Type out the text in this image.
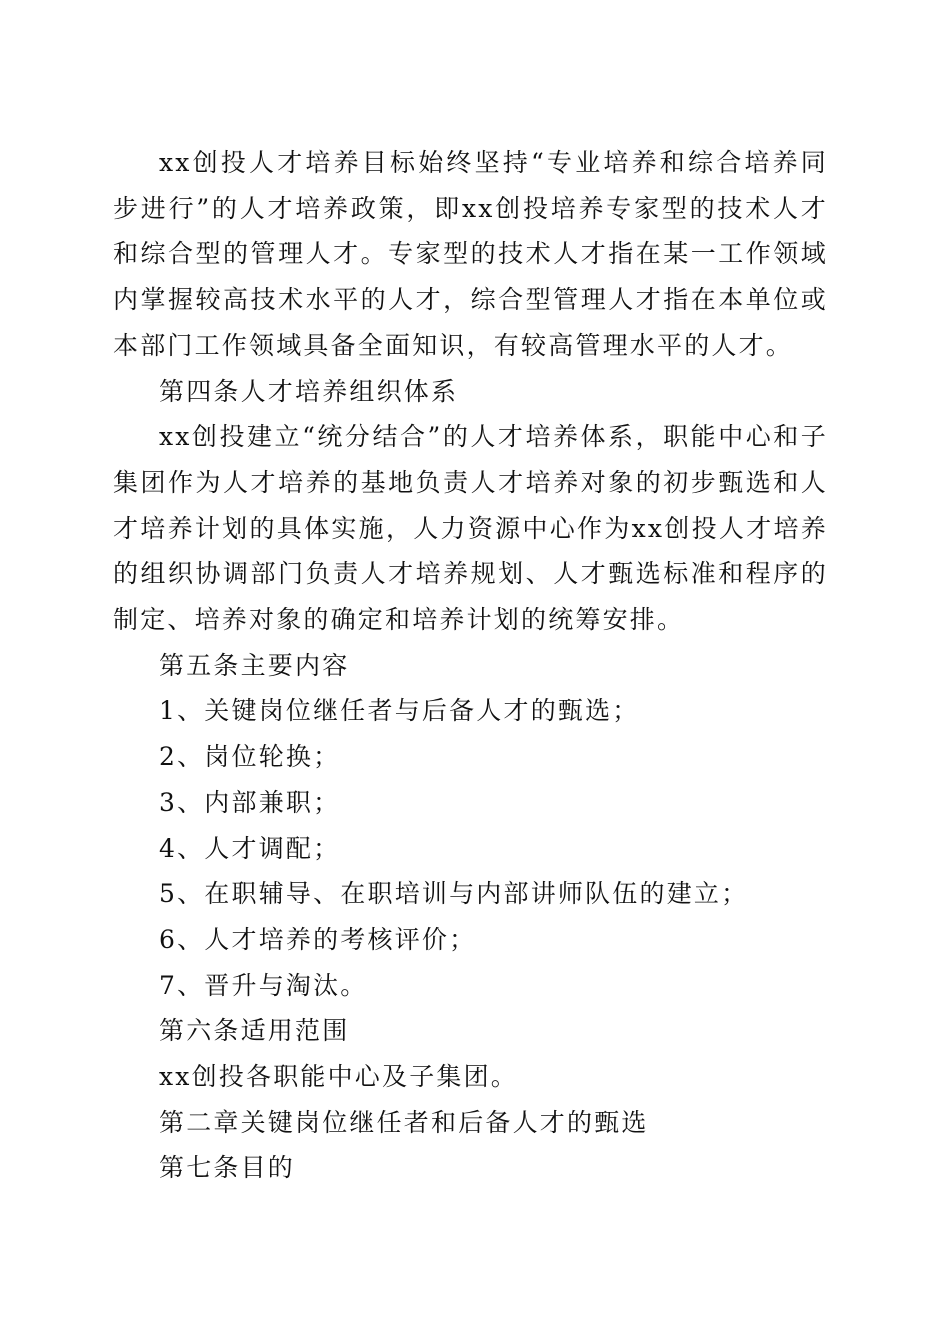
xx创投人才培养目标始终坚持“专业培养和综合培养同步进行”的人才培养政策，即xx创投培养专家型的技术人才和综合型的管理人才。专家型的技术人才指在某一工作领域内掌握较高技术水平的人才，综合型管理人才指在本单位或本部门工作领域具备全面知识，有较高管理水平的人才。

第四条人才培养组织体系

xx创投建立“统分结合”的人才培养体系，职能中心和子集团作为人才培养的基地负责人才培养对象的初步甄选和人才培养计划的具体实施，人力资源中心作为xx创投人才培养的组织协调部门负责人才培养规划、人才甄选标准和程序的制定、培养对象的确定和培养计划的统筹安排。

第五条主要内容

1、关键岗位继任者与后备人才的甄选；

2、岗位轮换；

3、内部兼职；

4、人才调配；

5、在职辅导、在职培训与内部讲师队伍的建立；

6、人才培养的考核评价；

7、晋升与淘汰。

第六条适用范围

xx创投各职能中心及子集团。

第二章关键岗位继任者和后备人才的甄选

第七条目的
